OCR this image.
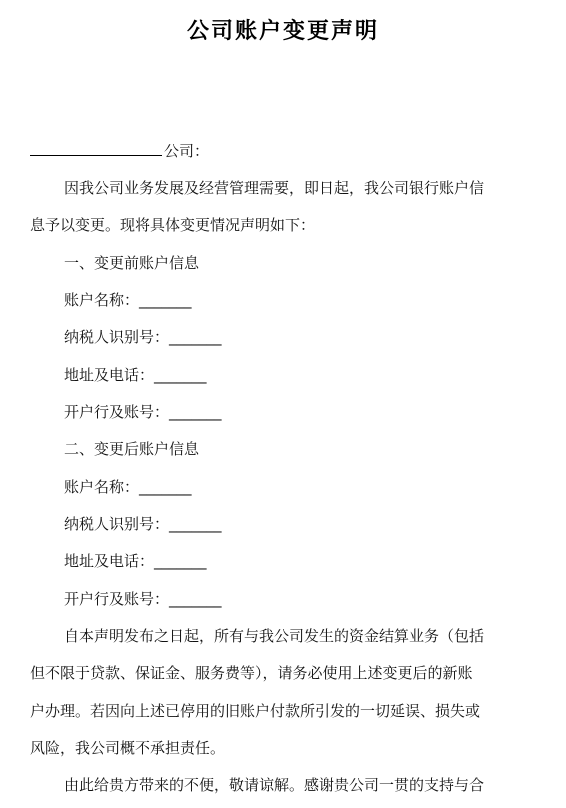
公司账户变更声明
公司：
因我公司业务发展及经营管理需要，即日起，我公司银行账户信
息予以变更。现将具体变更情况声明如下：
一、变更前账户信息
账户名称：_______
纳税人识别号：_______
地址及电话：_______
开户行及账号：_______
二、变更后账户信息
账户名称：_______
纳税人识别号：_______
地址及电话：_______
开户行及账号：_______
自本声明发布之日起，所有与我公司发生的资金结算业务（包括
但不限于贷款、保证金、服务费等），请务必使用上述变更后的新账
户办理。若因向上述已停用的旧账户付款所引发的一切延误、损失或
风险，我公司概不承担责任。
由此给贵方带来的不便，敬请谅解。感谢贵公司一贯的支持与合
